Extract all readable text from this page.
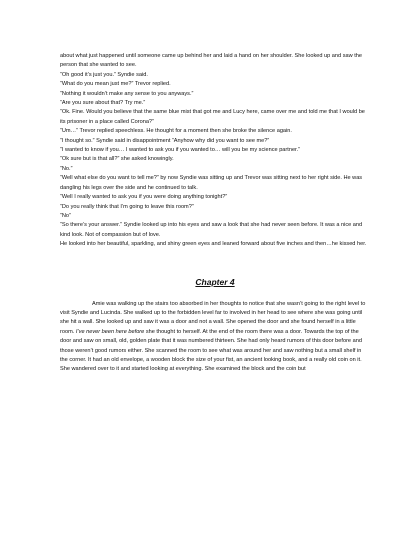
about what just happened until someone came up behind her and laid a hand on her shoulder. She looked up and saw the person that she wanted to see.

“Oh good it’s just you.” Syndie said.

“What do you mean just me?” Trevor replied.

“Nothing it wouldn’t make any sense to you anyways.”

“Are you sure about that? Try me.”

“Ok. Fine. Would you believe that the same blue mist that got me and Lucy here, came over me and told me that I would be its prisoner in a place called Corona?”

“Um…” Trevor replied speechless. He thought for a moment then she broke the silence again.

“I thought so.” Syndie said in disappointment “Anyhow why did you want to see me?”

“I wanted to know if you… I wanted to ask you if you wanted to… will you be my science partner.”

“Ok sure but is that all?” she asked knowingly.

“No.”

“Well what else do you want to tell me?” by now Syndie was sitting up and Trevor was sitting next to her right side. He was dangling his legs over the side and he continued to talk.

“Well I really wanted to ask you if you were doing anything tonight?”

“Do you really think that I’m going to leave this room?”

“No”

“So there’s your answer.” Syndie looked up into his eyes and saw a look that she had never seen before. It was a nice and kind look. Not of compassion but of love.

He looked into her beautiful, sparkling, and shiny green eyes and leaned forward about five inches and then…he kissed her.

Chapter 4

Amie was walking up the stairs too absorbed in her thoughts to notice that she wasn’t going to the right level to visit Syndie and Lucinda. She walked up to the forbidden level far to involved in her head to see where she was going until she hit a wall. She looked up and saw it was a door and not a wall. She opened the door and she found herself in a little room. I’ve never been here before she thought to herself. At the end of the room there was a door. Towards the top of the door and saw on small, old, golden plate that it was numbered thirteen. She had only heard rumors of this door before and those weren’t good rumors either. She scanned the room to see what was around her and saw nothing but a small shelf in the corner. It had an old envelope, a wooden block the size of your fist, an ancient looking book, and a really old coin on it. She wandered over to it and started looking at everything. She examined the block and the coin but
